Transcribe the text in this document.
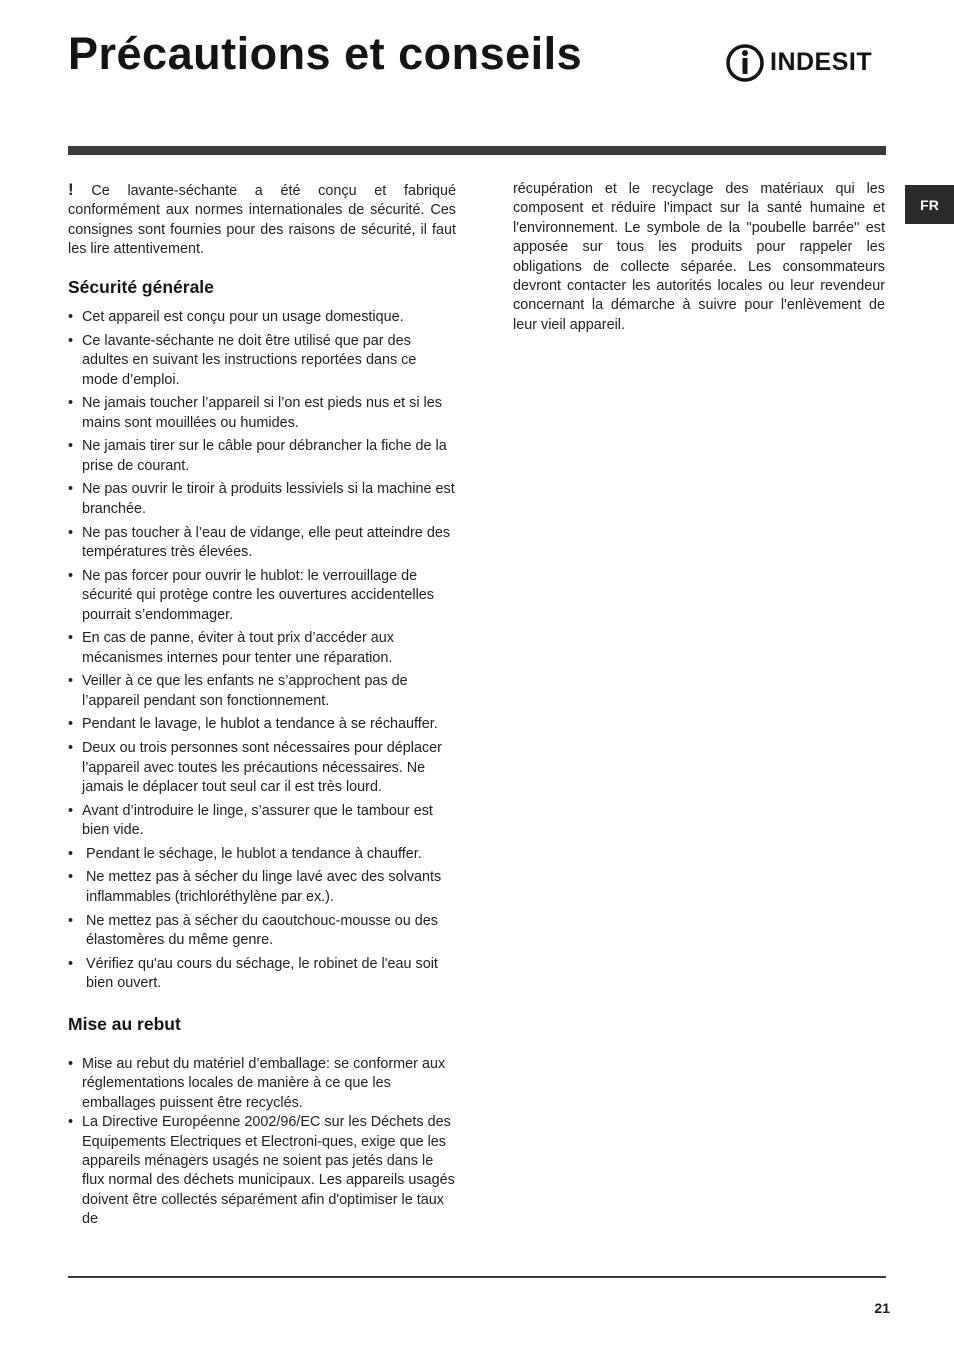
Précautions et conseils	INDESIT
FR

! Ce lavante-séchante a été conçu et fabriqué conformément aux normes internationales de sécurité. Ces consignes sont fournies pour des raisons de sécurité, il faut les lire attentivement.

Sécurité générale
• Cet appareil est conçu pour un usage domestique.
• Ce lavante-séchante ne doit être utilisé que par des adultes en suivant les instructions reportées dans ce mode d’emploi.
• Ne jamais toucher l’appareil si l’on est pieds nus et si les mains sont mouillées ou humides.
• Ne jamais tirer sur le câble pour débrancher la fiche de la prise de courant.
• Ne pas ouvrir le tiroir à produits lessiviels si la machine est branchée.
• Ne pas toucher à l’eau de vidange, elle peut atteindre des températures très élevées.
• Ne pas forcer pour ouvrir le hublot: le verrouillage de sécurité qui protège contre les ouvertures accidentelles pourrait s’endommager.
• En cas de panne, éviter à tout prix d’accéder aux mécanismes internes pour tenter une réparation.
• Veiller à ce que les enfants ne s’approchent pas de l’appareil pendant son fonctionnement.
• Pendant le lavage, le hublot a tendance à se réchauffer.
• Deux ou trois personnes sont nécessaires pour déplacer l’appareil avec toutes les précautions nécessaires. Ne jamais le déplacer tout seul car il est très lourd.
• Avant d’introduire le linge, s’assurer que le tambour est bien vide.
• Pendant le séchage, le hublot a tendance à chauffer.
• Ne mettez pas à sécher du linge lavé avec des solvants inflammables (trichloréthylène par ex.).
• Ne mettez pas à sécher du caoutchouc-mousse ou des élastomères du même genre.
• Vérifiez qu'au cours du séchage, le robinet de l'eau soit bien ouvert.
Mise au rebut
• Mise au rebut du matériel d’emballage: se conformer aux réglementations locales de manière à ce que les emballages puissent être recyclés.
• La Directive Européenne 2002/96/EC sur les Déchets des Equipements Electriques et Electroni-ques, exige que les appareils ménagers usagés ne soient pas jetés dans le flux normal des déchets municipaux. Les appareils usagés doivent être collectés séparément afin d'optimiser le taux de

récupération et le recyclage des matériaux qui les composent et réduire l'impact sur la santé humaine et l'environnement. Le symbole de la ''poubelle barrée'' est apposée sur tous les produits pour rappeler les obligations de collecte séparée. Les consommateurs devront contacter les autorités locales ou leur revendeur concernant la démarche à suivre pour l'enlèvement de leur vieil appareil.

21
